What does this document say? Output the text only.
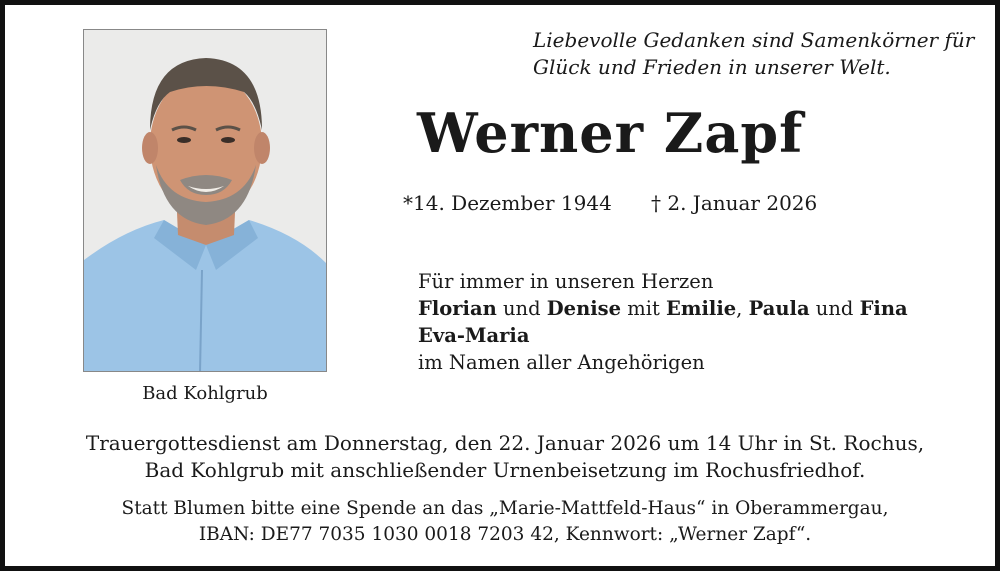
Bad Kohlgrub
Liebevolle Gedanken sind Samenkörner für
Glück und Frieden in unserer Welt.
Werner Zapf
*14. Dezember 1944 † 2. Januar 2026
Für immer in unseren Herzen
Florian und Denise mit Emilie, Paula und Fina
Eva-Maria
im Namen aller Angehörigen
Trauergottesdienst am Donnerstag, den 22. Januar 2026 um 14 Uhr in St. Rochus,
Bad Kohlgrub mit anschließender Urnenbeisetzung im Rochusfriedhof.
Statt Blumen bitte eine Spende an das „Marie-Mattfeld-Haus“ in Oberammergau,
IBAN: DE77 7035 1030 0018 7203 42, Kennwort: „Werner Zapf“.
